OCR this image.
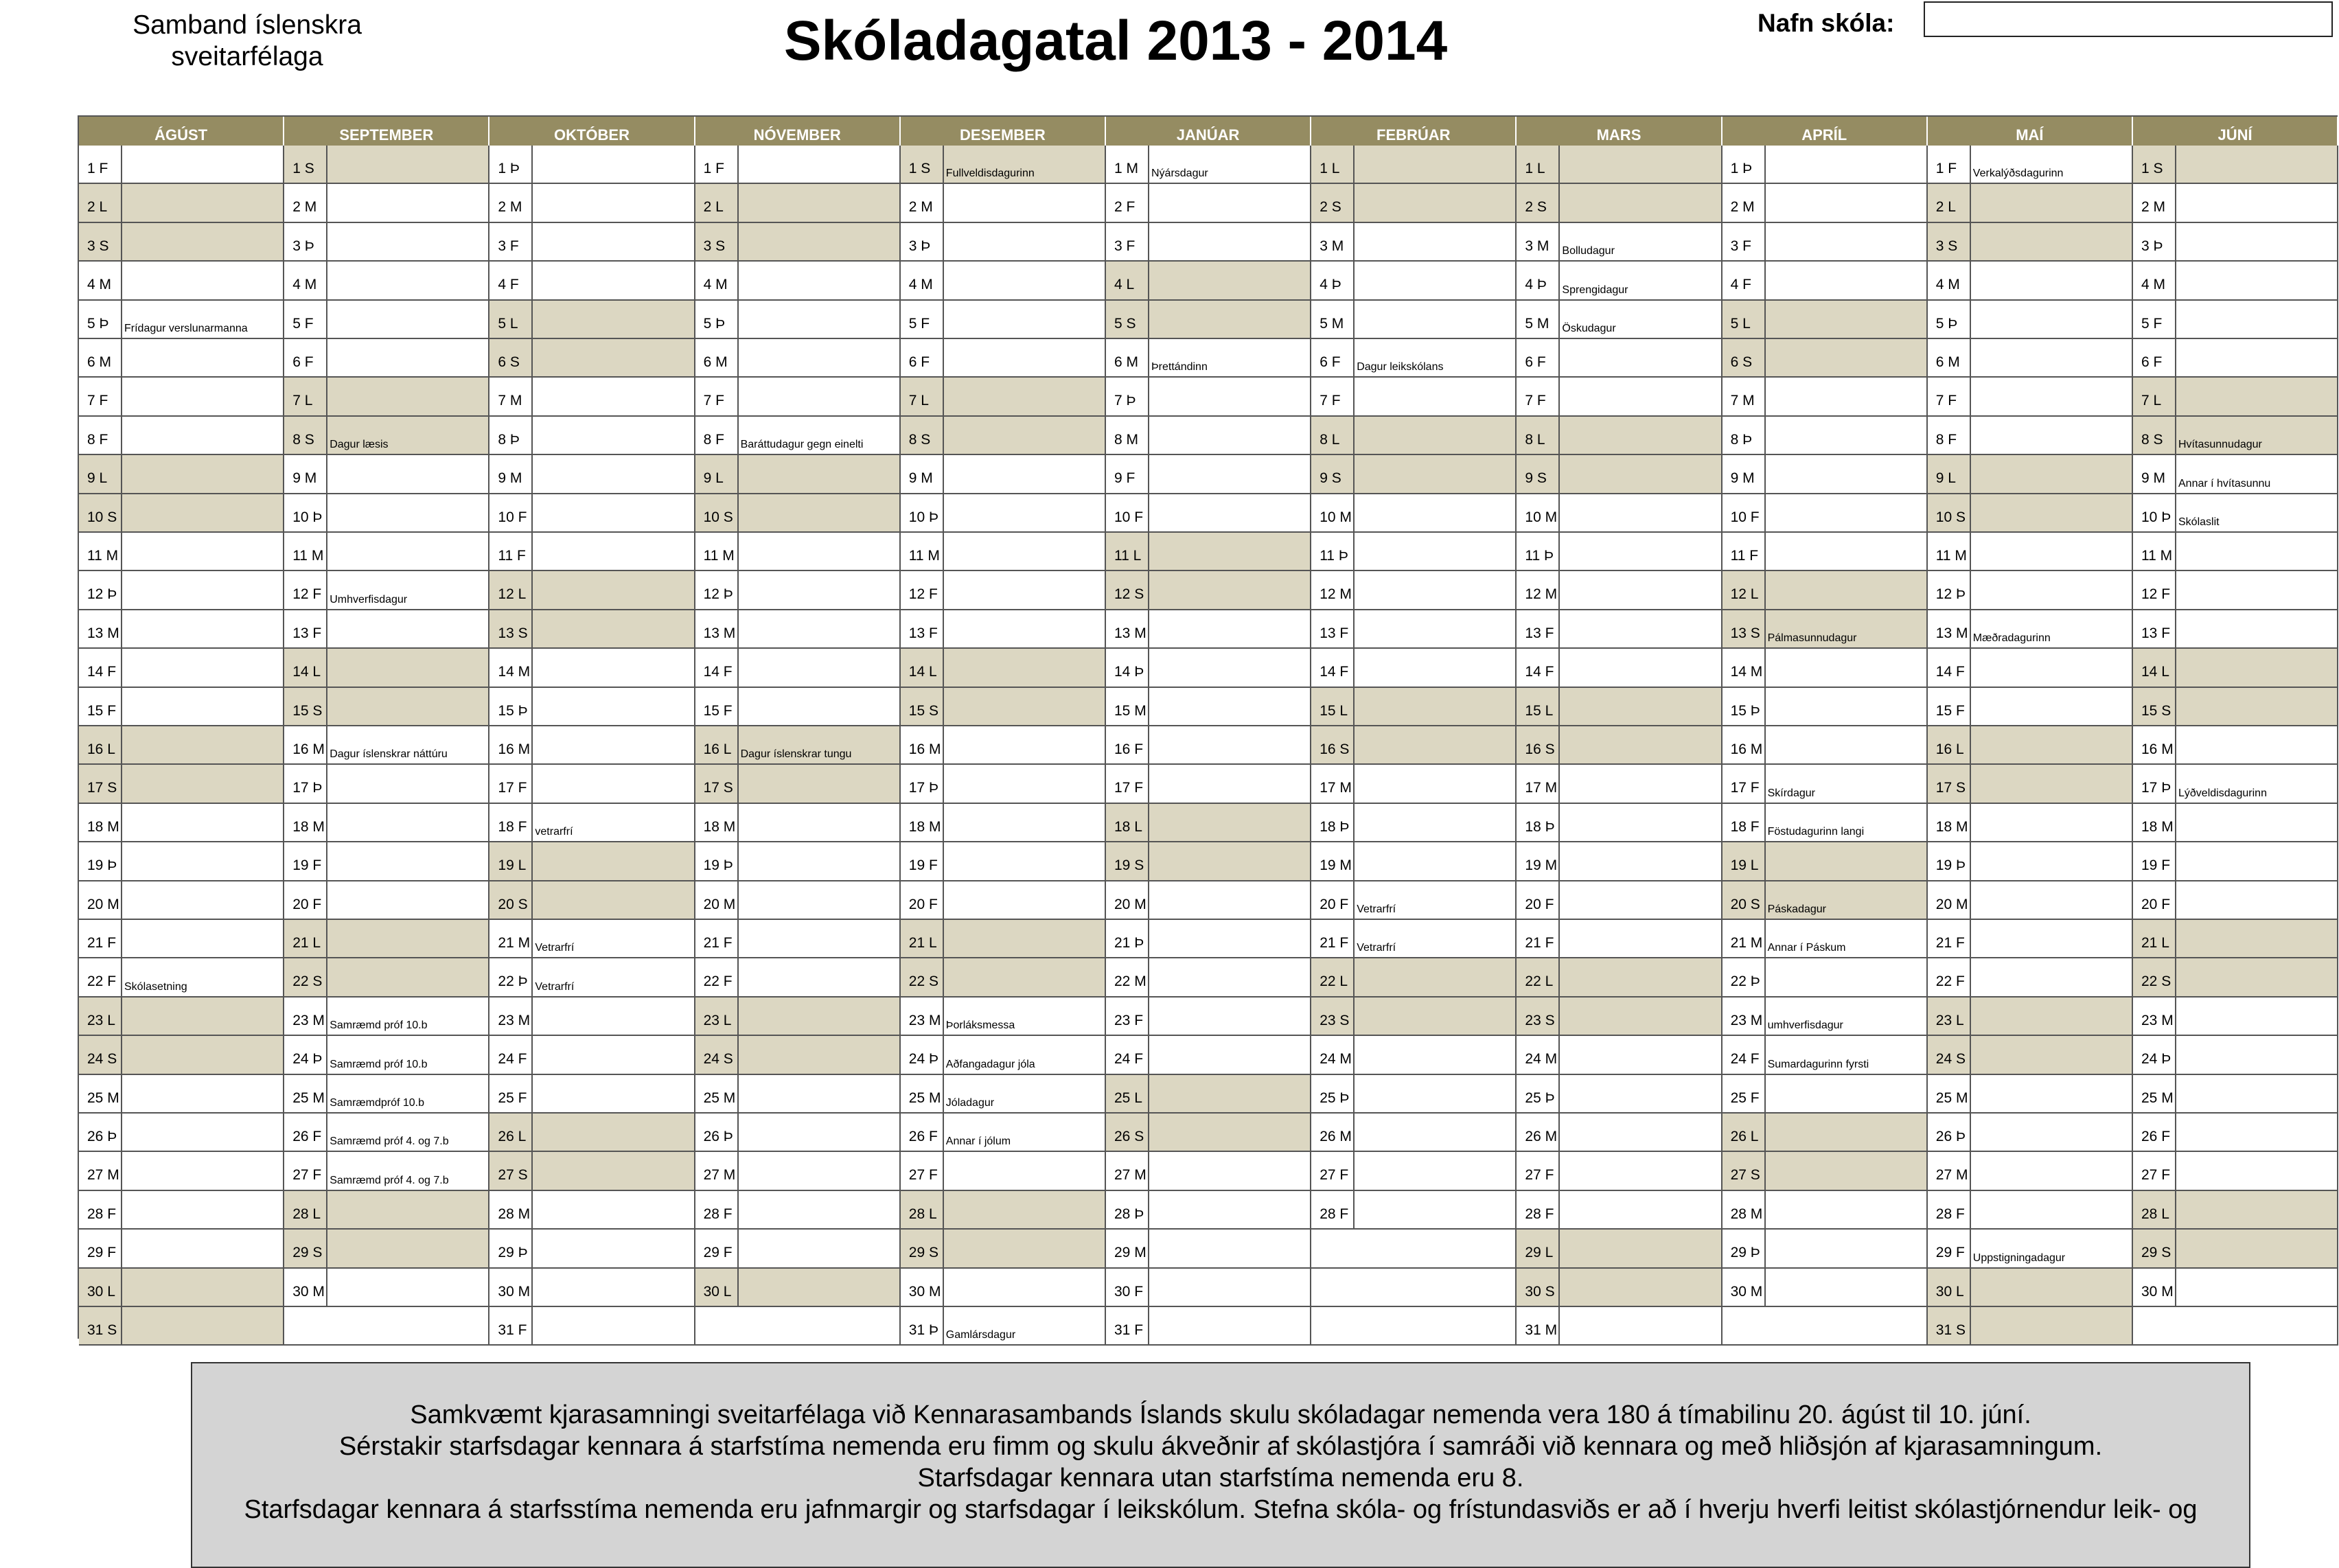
Samband íslenskra
sveitarfélaga	Skóladagatal 2013 - 2014	Nafn skóla:
ÁGÚST
1 F
2 L
3 S
4 M
5 Þ	Frídagur verslunarmanna
6 M
7 F
8 F
9 L
10 S
11 M
12 Þ
13 M
14 F
15 F
16 L
17 S
18 M
19 Þ
20 M
21 F
22 F Skólasetning
23 L
24 S
25 M
26 Þ
27 M
28 F
29 F
30 L
31 S
SEPTEMBER
1 S
2 M
3 Þ
4 M
5 F
6 F
7 L
8 S	Dagur læsis
9 M
10 Þ
11 M
12 F Umhverfisdagur
13 F
14 L
15 S
16 M Dagur íslenskrar náttúru
17 Þ
18 M
19 F
20 F
21 L
22 S
23 M Samræmd próf 10.b
24 Þ Samræmd próf 10.b
25 M Samræmdpróf 10.b
26 F Samræmd próf 4. og 7.b
27 F Samræmd próf 4. og 7.b
28 L
29 S
30 M
OKTÓBER
1 Þ
2 M
3 F
4 F
5 L
6 S
7 M
8 Þ
9 M
10 F
11 F
12 L
13 S
14 M
15 Þ
16 M
17 F
18 F vetrarfrí
19 L
20 S
21 M Vetrarfrí
22 Þ Vetrarfrí
23 M
24 F
25 F
26 L
27 S
28 M
29 Þ
30 M
31 F
NÓVEMBER
1 F
2 L
3 S
4 M
5 Þ
6 M
7 F
8 F	Baráttudagur gegn einelti
9 L
10 S
11 M
12 Þ
13 M
14 F
15 F
16 L Dagur íslenskrar tungu
17 S
18 M
19 Þ
20 M
21 F
22 F
23 L
24 S
25 M
26 Þ
27 M
28 F
29 F
30 L
DESEMBER
1 S	Fullveldisdagurinn
2 M
3 Þ
4 M
5 F
6 F
7 L
8 S
9 M
10 Þ
11 M
12 F
13 F
14 L
15 S
16 M
17 Þ
18 M
19 F
20 F
21 L
22 S
23 M Þorláksmessa
24 Þ Aðfangadagur jóla
25 M Jóladagur
26 F Annar í jólum
27 F
28 L
29 S
30 M
31 Þ Gamlársdagur
JANÚAR
1 M	Nýársdagur
2 F
3 F
4 L
5 S
6 M	Þrettándinn
7 Þ
8 M
9 F
10 F
11 L
12 S
13 M
14 Þ
15 M
16 F
17 F
18 L
19 S
20 M
21 Þ
22 M
23 F
24 F
25 L
26 S
27 M
28 Þ
29 M
30 F
31 F
FEBRÚAR
1 L
2 S
3 M
4 Þ
5 M
6 F	Dagur leikskólans
7 F
8 L
9 S
10 M
11 Þ
12 M
13 F
14 F
15 L
16 S
17 M
18 Þ
19 M
20 F Vetrarfrí
21 F Vetrarfrí
22 L
23 S
24 M
25 Þ
26 M
27 F
28 F
MARS
1 L
2 S
3 M	Bolludagur
4 Þ	Sprengidagur
5 M	Öskudagur
6 F
7 F
8 L
9 S
10 M
11 Þ
12 M
13 F
14 F
15 L
16 S
17 M
18 Þ
19 M
20 F
21 F
22 L
23 S
24 M
25 Þ
26 M
27 F
28 F
29 L
30 S
31 M
APRÍL
1 Þ
2 M
3 F
4 F
5 L
6 S
7 M
8 Þ
9 M
10 F
11 F
12 L
13 S Pálmasunnudagur
14 M
15 Þ
16 M
17 F Skírdagur
18 F Föstudagurinn langi
19 L
20 S Páskadagur
21 M Annar í Páskum
22 Þ
23 M umhverfisdagur
24 F Sumardagurinn fyrsti
25 F
26 L
27 S
28 M
29 Þ
30 M
MAÍ
1 F	Verkalýðsdagurinn
2 L
3 S
4 M
5 Þ
6 M
7 F
8 F
9 L
10 S
11 M
12 Þ
13 M Mæðradagurinn
14 F
15 F
16 L
17 S
18 M
19 Þ
20 M
21 F
22 F
23 L
24 S
25 M
26 Þ
27 M
28 F
29 F Uppstigningadagur
30 L
31 S
JÚNÍ
1 S
2 M
3 Þ
4 M
5 F
6 F
7 L
8 S	Hvítasunnudagur
9 M	Annar í hvítasunnu
10 Þ Skólaslit
11 M
12 F
13 F
14 L
15 S
16 M
17 Þ Lýðveldisdagurinn
18 M
19 F
20 F
21 L
22 S
23 M
24 Þ
25 M
26 F
27 F
28 L
29 S
30 M
Samkvæmt kjarasamningi sveitarfélaga við Kennarasambands Íslands skulu skóladagar nemenda vera 180 á tímabilinu 20. ágúst til 10. júní.
Sérstakir starfsdagar kennara á starfstíma nemenda eru fimm og skulu ákveðnir af skólastjóra í samráði við kennara og með hliðsjón af kjarasamningum.
Starfsdagar kennara utan starfstíma nemenda eru 8.
Starfsdagar kennara á starfsstíma nemenda eru jafnmargir og starfsdagar í leikskólum. Stefna skóla- og frístundasviðs er að í hverju hverfi leitist skólastjórnendur leik- og
